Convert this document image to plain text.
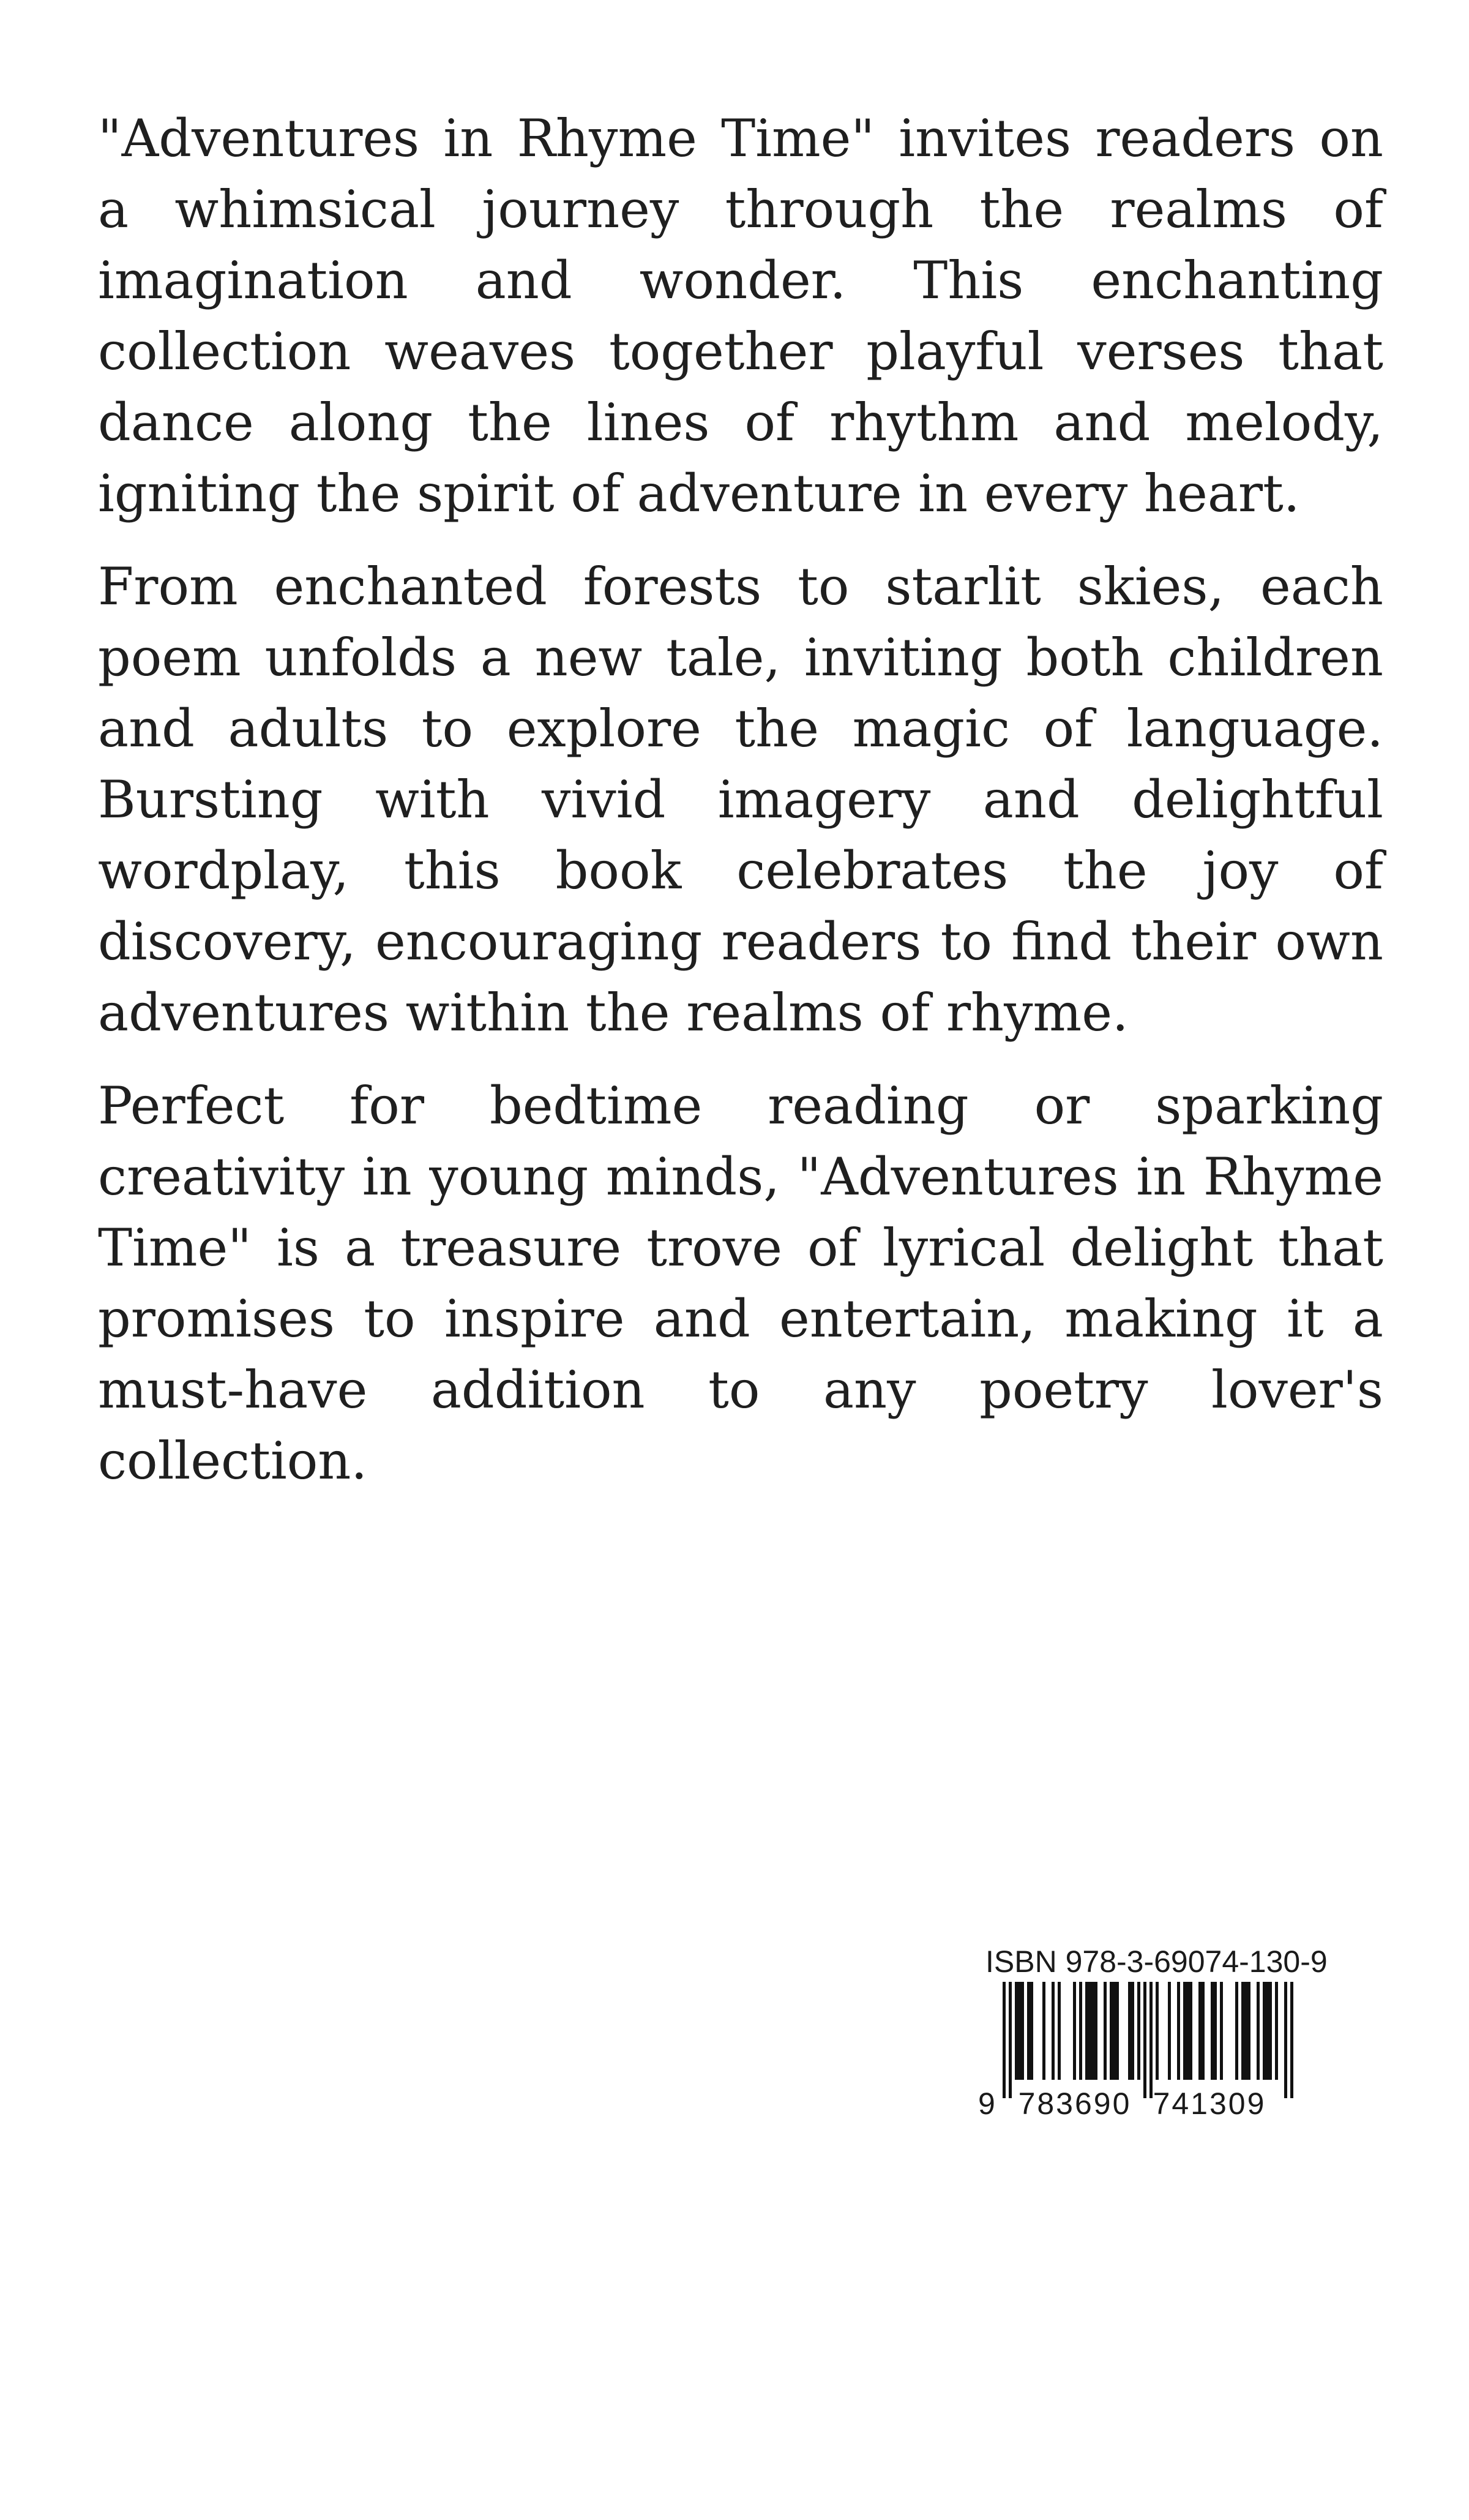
"Adventures in Rhyme Time" invites readers on a whimsical journey through the realms of imagination and wonder. This enchanting collection weaves together playful verses that dance along the lines of rhythm and melody, igniting the spirit of adventure in every heart.

From enchanted forests to starlit skies, each poem unfolds a new tale, inviting both children and adults to explore the magic of language. Bursting with vivid imagery and delightful wordplay, this book celebrates the joy of discovery, encouraging readers to find their own adventures within the realms of rhyme.

Perfect for bedtime reading or sparking creativity in young minds, "Adventures in Rhyme Time" is a treasure trove of lyrical delight that promises to inspire and entertain, making it a must-have addition to any poetry lover's collection.

ISBN 978-3-69074-130-9
9 783690 741309
